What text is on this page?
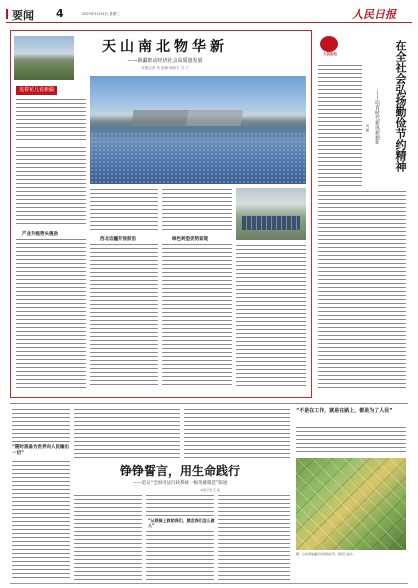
要闻 4	2023年5月24日 星期三	人民日报
天山南北物华新
——新疆推动经济社会高质量发展
本报记者 李 亚楠 杨明方 马 宁
追着花儿看新疆
产业升级势头强劲
西北边疆开放前沿	绿色转型优势显现
人民论坛	在全社会弘扬勤俭节约精神
——培育时代新风新貌⑤
何 鹏
“随时准备为世界向人民输出一切”
铮铮誓言，用生命践行
——追记“全国司法行政系统一级英雄模范”陈旭
本报记者 王 斌
“从铁骑上救助我们，感念我们怎么做人”
“不是在工作，就是在路上，都是为了人民”
图：山东某地灌区内麦收时节，稻田已成片。
